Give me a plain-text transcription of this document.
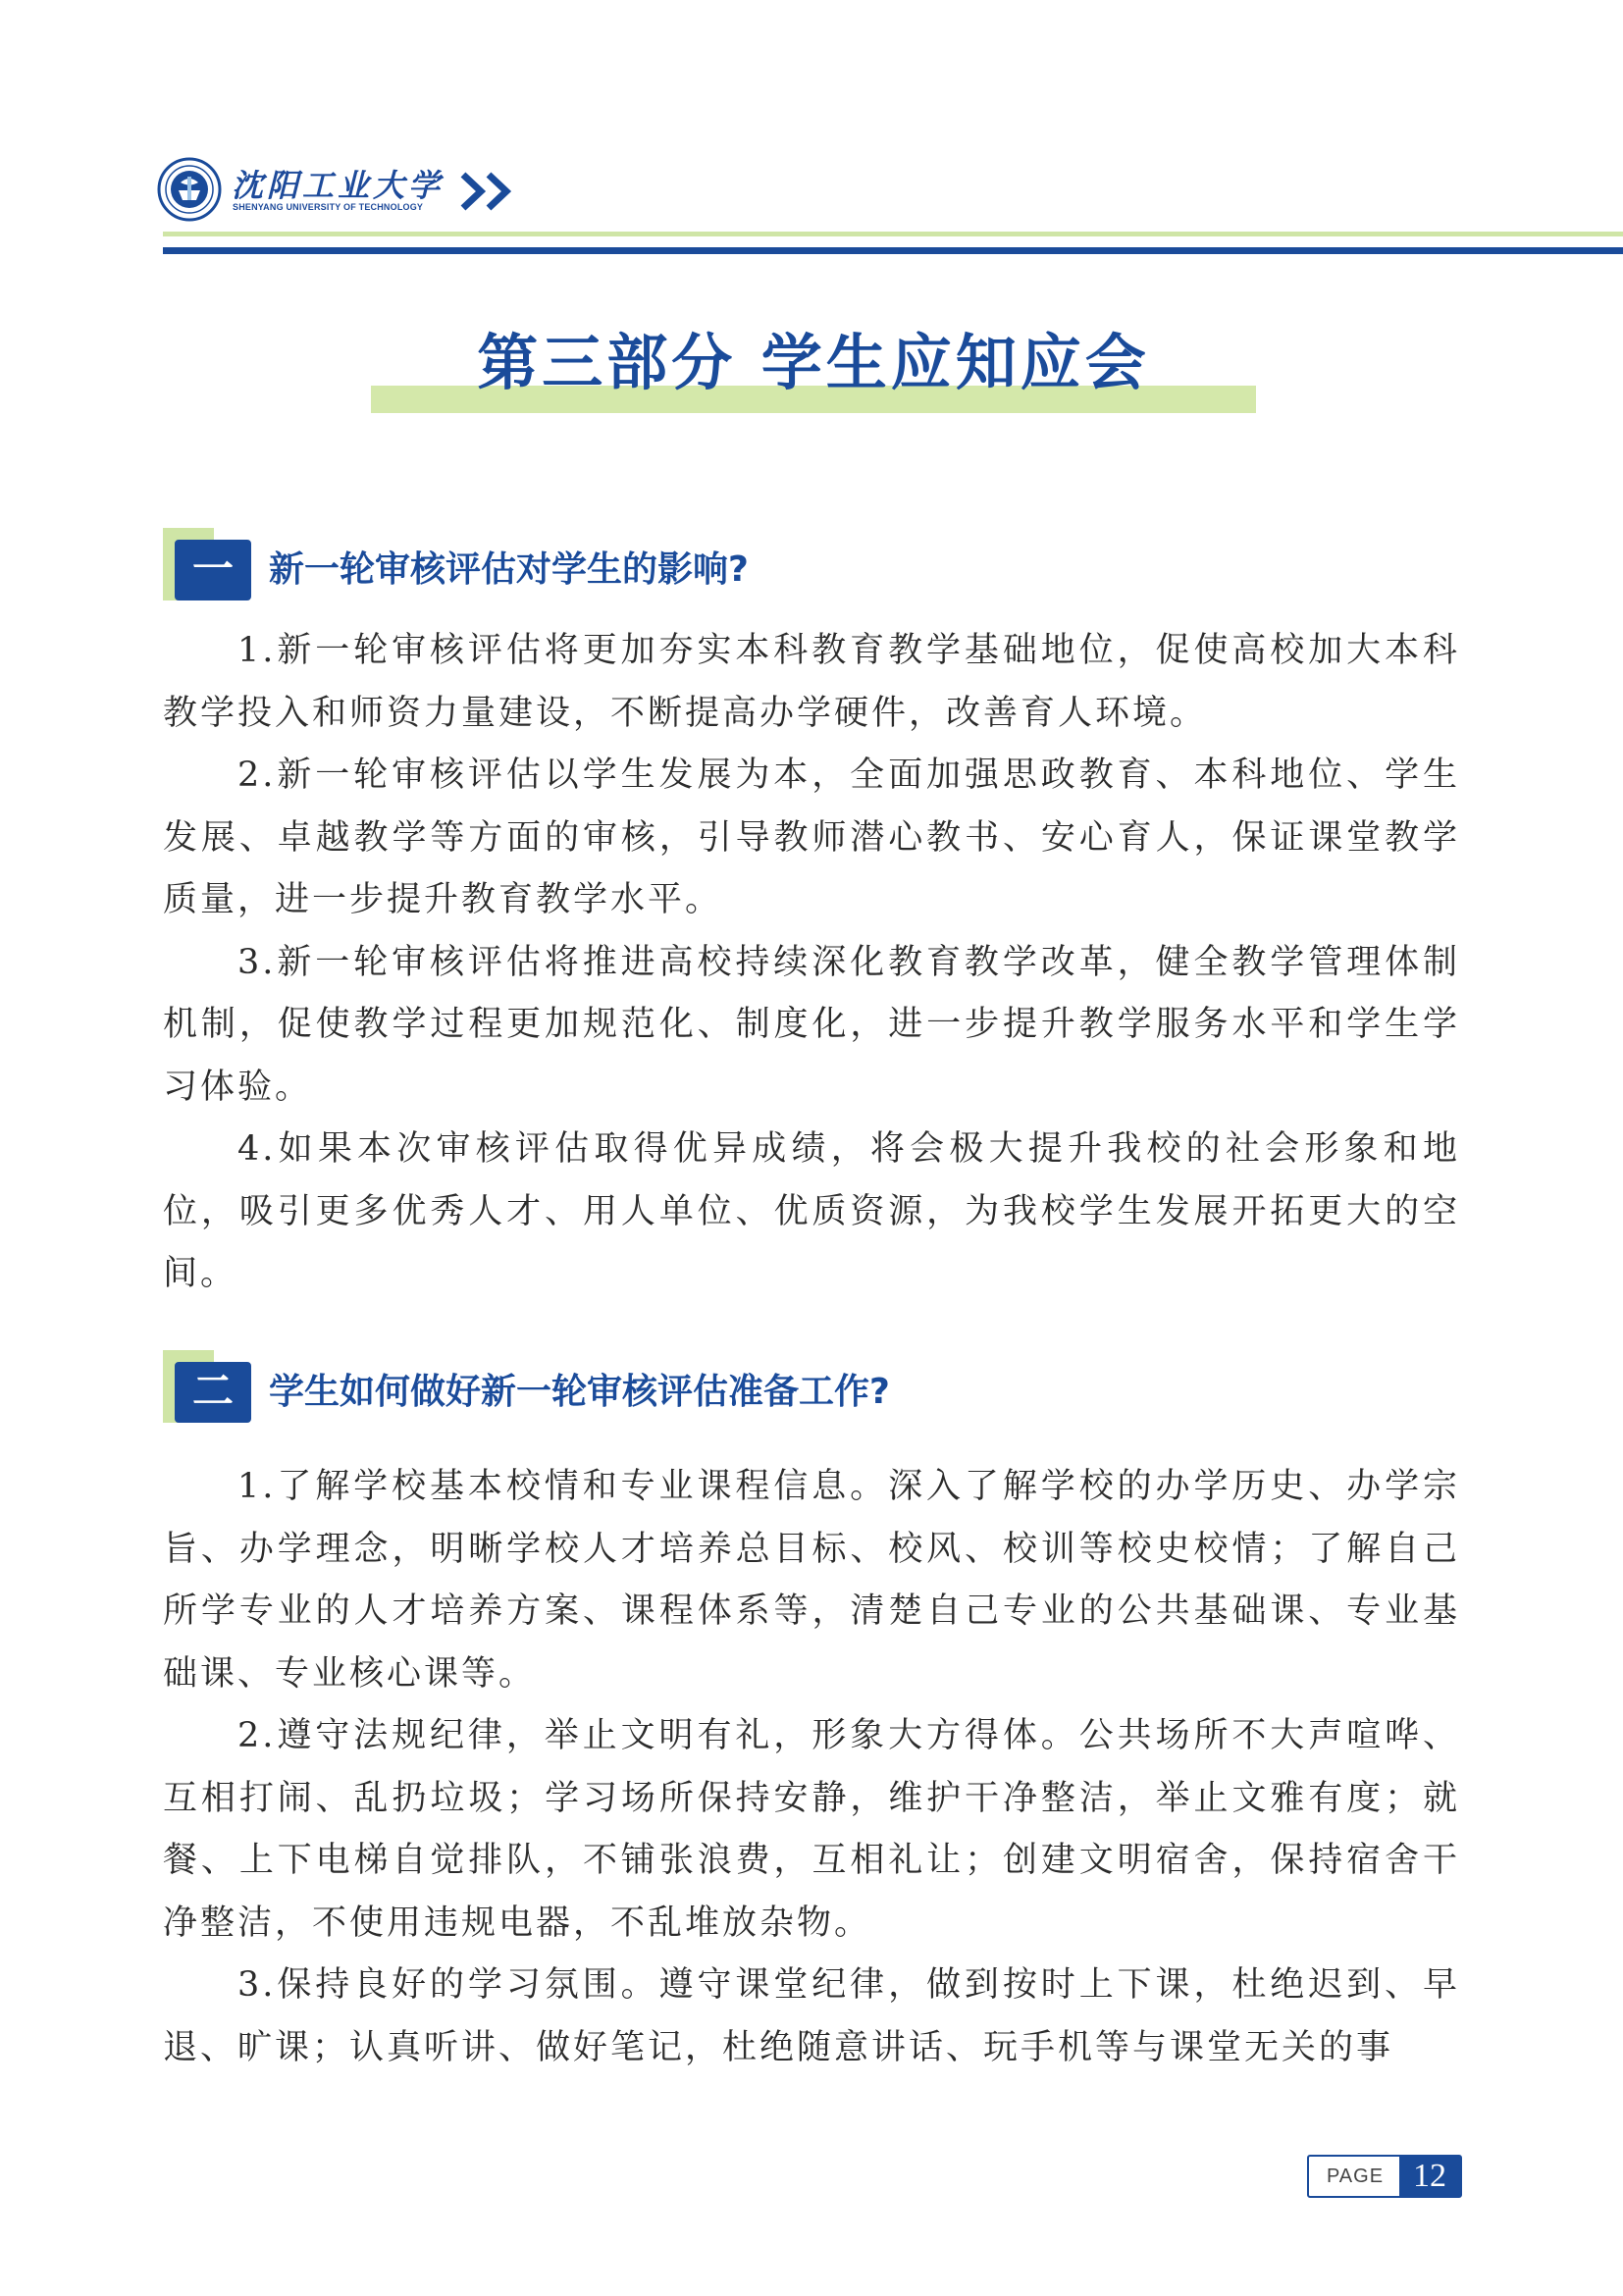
沈阳工业大学
SHENYANG UNIVERSITY OF TECHNOLOGY
第三部分 学生应知应会
一	新一轮审核评估对学生的影响?

1.新一轮审核评估将更加夯实本科教育教学基础地位，促使高校加大本科教学投入和师资力量建设，不断提高办学硬件，改善育人环境。

2.新一轮审核评估以学生发展为本，全面加强思政教育、本科地位、学生发展、卓越教学等方面的审核，引导教师潜心教书、安心育人，保证课堂教学质量，进一步提升教育教学水平。

3.新一轮审核评估将推进高校持续深化教育教学改革，健全教学管理体制机制，促使教学过程更加规范化、制度化，进一步提升教学服务水平和学生学习体验。

4.如果本次审核评估取得优异成绩，将会极大提升我校的社会形象和地位，吸引更多优秀人才、用人单位、优质资源，为我校学生发展开拓更大的空间。

二	学生如何做好新一轮审核评估准备工作?

1.了解学校基本校情和专业课程信息。深入了解学校的办学历史、办学宗旨、办学理念，明晰学校人才培养总目标、校风、校训等校史校情；了解自己所学专业的人才培养方案、课程体系等，清楚自己专业的公共基础课、专业基础课、专业核心课等。

2.遵守法规纪律，举止文明有礼，形象大方得体。公共场所不大声喧哗、互相打闹、乱扔垃圾；学习场所保持安静，维护干净整洁，举止文雅有度；就餐、上下电梯自觉排队，不铺张浪费，互相礼让；创建文明宿舍，保持宿舍干净整洁，不使用违规电器，不乱堆放杂物。

3.保持良好的学习氛围。遵守课堂纪律，做到按时上下课，杜绝迟到、早退、旷课；认真听讲、做好笔记，杜绝随意讲话、玩手机等与课堂无关的事

PAGE 12
